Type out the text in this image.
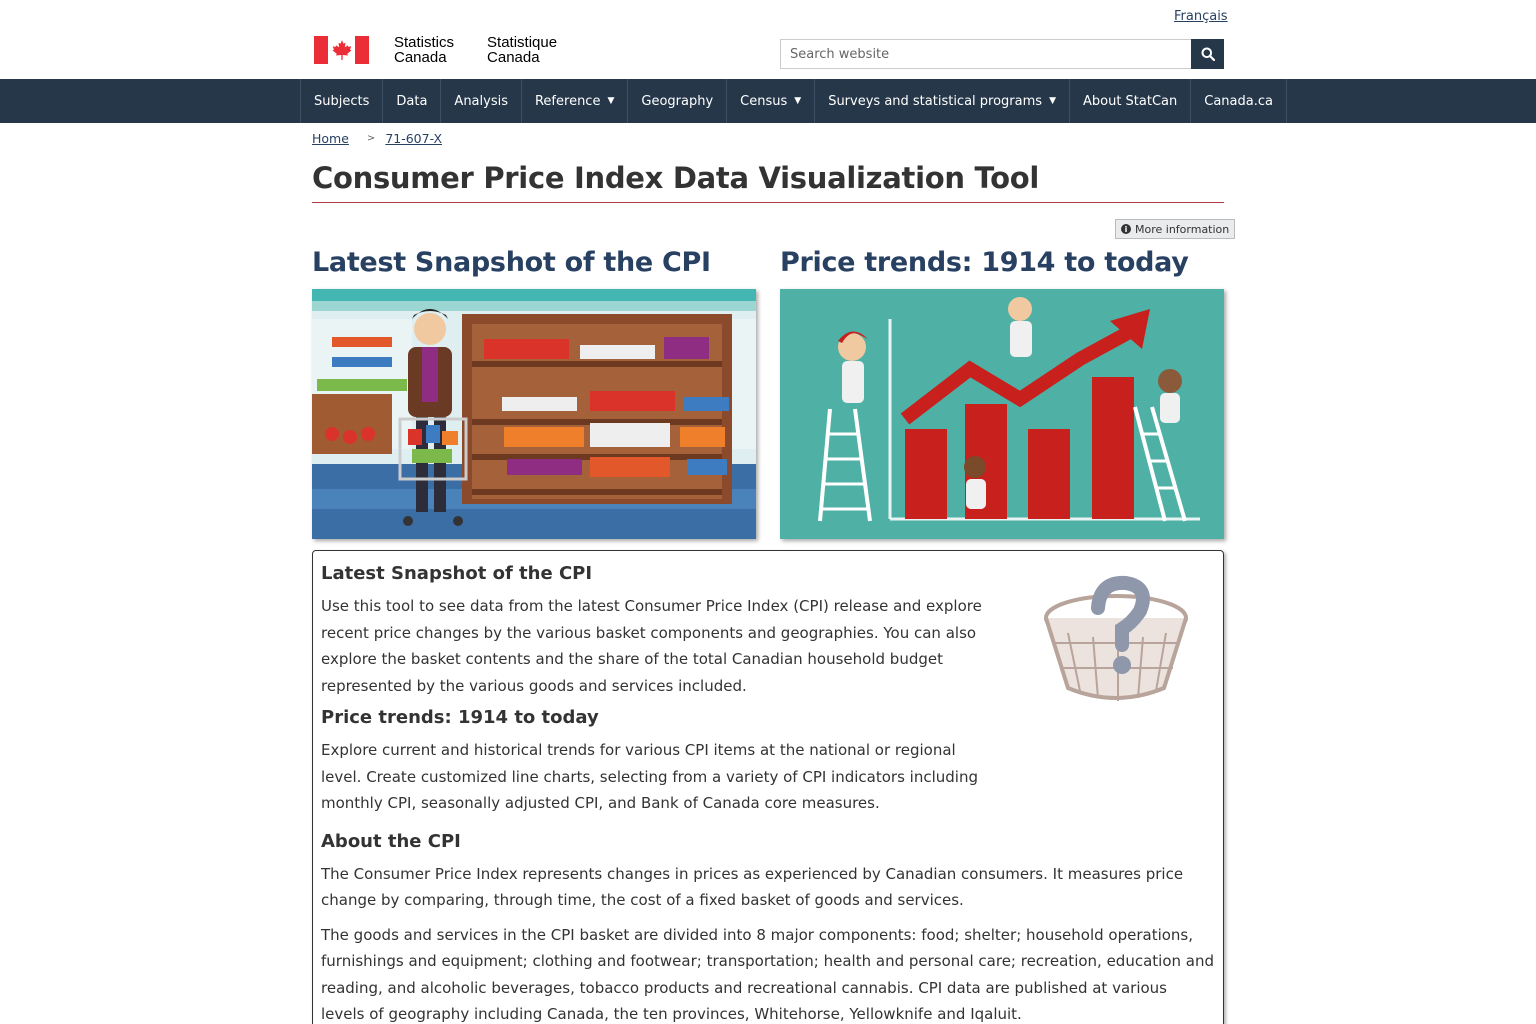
Français
Statistics
Canada
Statistique
Canada
Search website
Subjects Data Analysis Reference ▼ Geography Census ▼ Surveys and statistical programs ▼ About StatCan Canada.ca
Home > 71-607-X
Consumer Price Index Data Visualization Tool
i More information
Latest Snapshot of the CPI	Price trends: 1914 to today
Latest Snapshot of the CPI

Use this tool to see data from the latest Consumer Price Index (CPI) release and explore recent price changes by the various basket components and geographies. You can also explore the basket contents and the share of the total Canadian household budget represented by the various goods and services included.

Price trends: 1914 to today

Explore current and historical trends for various CPI items at the national or regional level. Create customized line charts, selecting from a variety of CPI indicators including monthly CPI, seasonally adjusted CPI, and Bank of Canada core measures.

About the CPI

The Consumer Price Index represents changes in prices as experienced by Canadian consumers. It measures price change by comparing, through time, the cost of a fixed basket of goods and services.

The goods and services in the CPI basket are divided into 8 major components: food; shelter; household operations, furnishings and equipment; clothing and footwear; transportation; health and personal care; recreation, education and reading, and alcoholic beverages, tobacco products and recreational cannabis. CPI data are published at various levels of geography including Canada, the ten provinces, Whitehorse, Yellowknife and Iqaluit.
